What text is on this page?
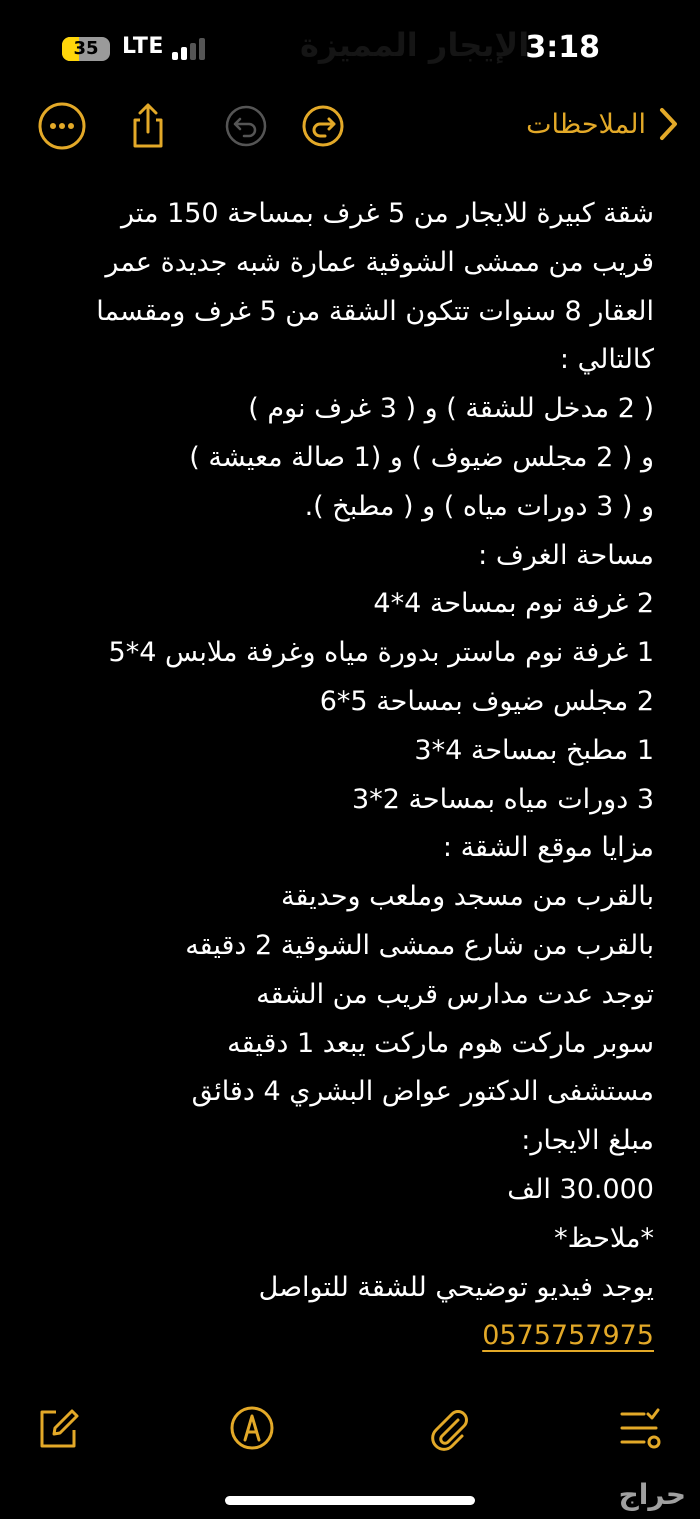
الإيجار المميزة
35	LTE	3:18
الملاحظات
شقة كبيرة للايجار من 5 غرف بمساحة 150 متر
قريب من ممشى الشوقية عمارة شبه جديدة عمر
العقار 8 سنوات تتكون الشقة من 5 غرف ومقسما
كالتالي :
( 2 مدخل للشقة ) و ( 3 غرف نوم )
و ( 2 مجلس ضيوف ) و (1 صالة معيشة )
و ( 3 دورات مياه ) و ( مطبخ ).
مساحة الغرف :
2 غرفة نوم بمساحة 4*4
1 غرفة نوم ماستر بدورة مياه وغرفة ملابس 4*5
2 مجلس ضيوف بمساحة 5*6
1 مطبخ بمساحة 4*3
3 دورات مياه بمساحة 2*3
مزايا موقع الشقة :
بالقرب من مسجد وملعب وحديقة
بالقرب من شارع ممشى الشوقية 2 دقيقه
توجد عدت مدارس قريب من الشقه
سوبر ماركت هوم ماركت يبعد 1 دقيقه
مستشفى الدكتور عواض البشري 4 دقائق
مبلغ الايجار:
30.000 الف
*ملاحظ*
يوجد فيديو توضيحي للشقة للتواصل
0575757975
حراج
